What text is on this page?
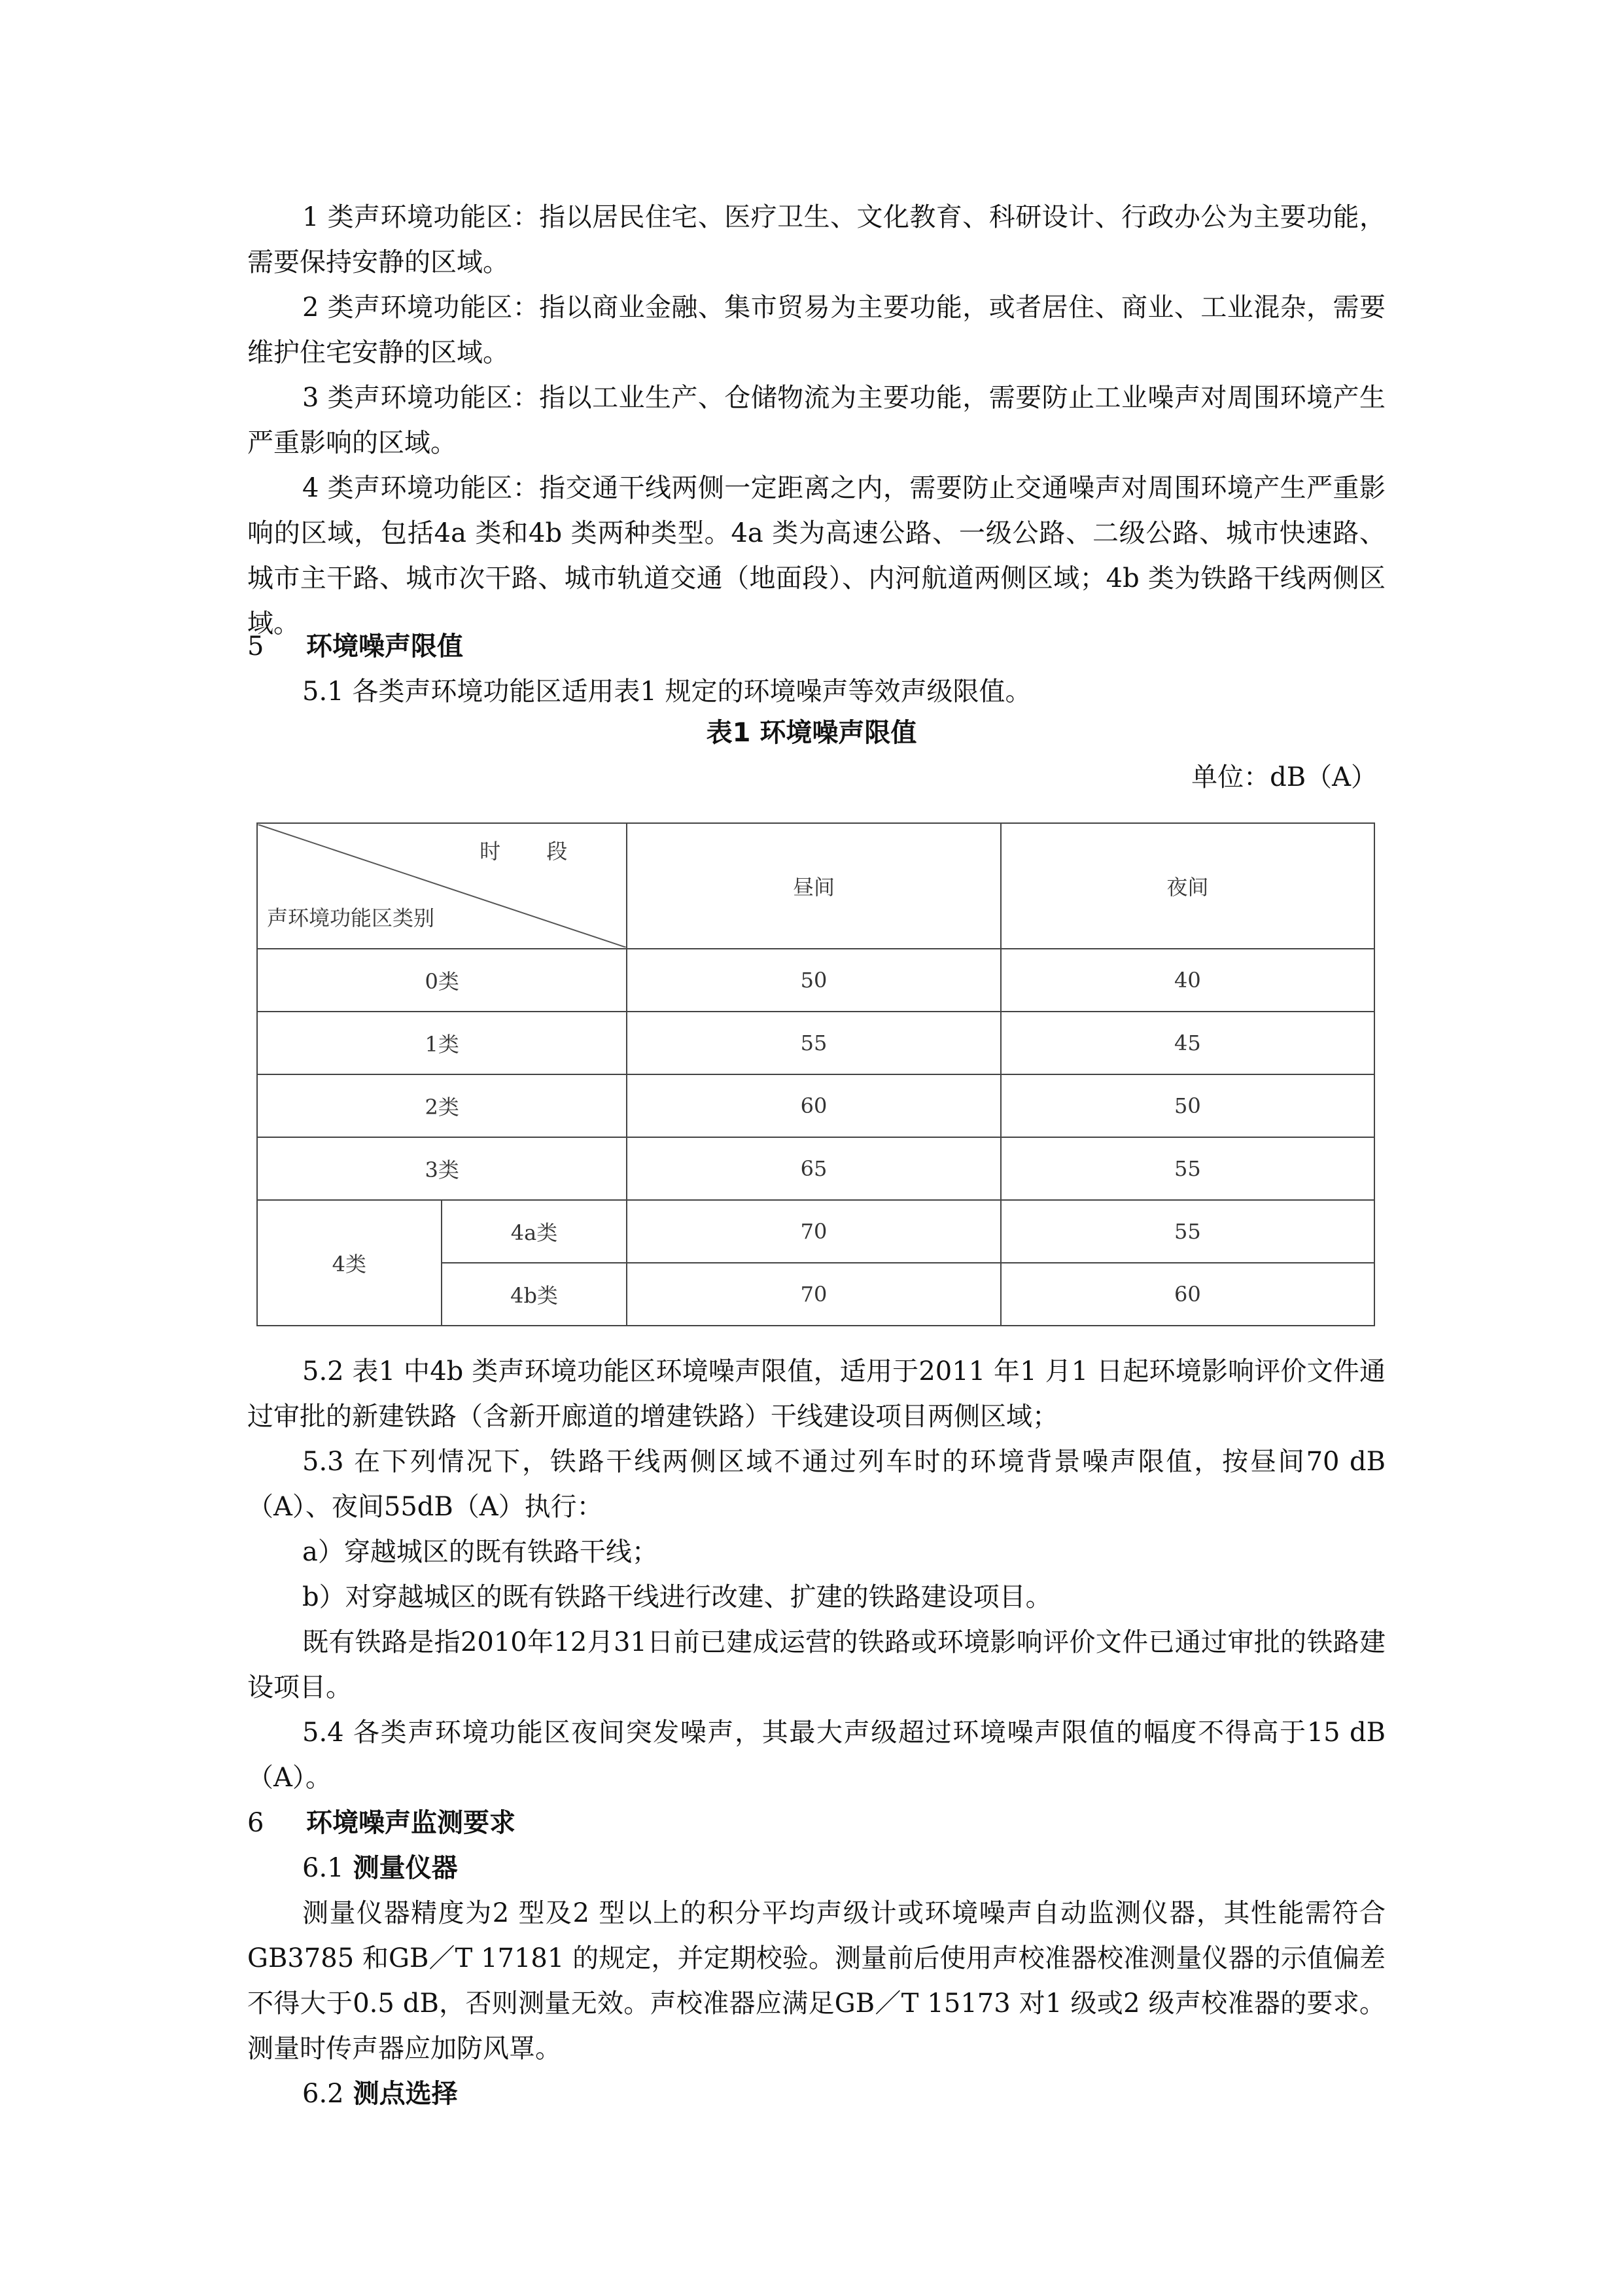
1 类声环境功能区：指以居民住宅、医疗卫生、文化教育、科研设计、行政办公为主要功能，需要保持安静的区域。

2 类声环境功能区：指以商业金融、集市贸易为主要功能，或者居住、商业、工业混杂，需要维护住宅安静的区域。

3 类声环境功能区：指以工业生产、仓储物流为主要功能，需要防止工业噪声对周围环境产生严重影响的区域。

4 类声环境功能区：指交通干线两侧一定距离之内，需要防止交通噪声对周围环境产生严重影响的区域，包括4a 类和4b 类两种类型。4a 类为高速公路、一级公路、二级公路、城市快速路、城市主干路、城市次干路、城市轨道交通（地面段）、内河航道两侧区域；4b 类为铁路干线两侧区域。

5 环境噪声限值

5.1 各类声环境功能区适用表1 规定的环境噪声等效声级限值。

表1 环境噪声限值

单位：dB（A）

时 段
声环境功能区类别		昼间	夜间
0类		50	40
1类		55	45
2类		60	50
3类		65	55
4类	4a类	70	55
	4b类	70	60

5.2 表1 中4b 类声环境功能区环境噪声限值，适用于2011 年1 月1 日起环境影响评价文件通过审批的新建铁路（含新开廊道的增建铁路）干线建设项目两侧区域；

5.3 在下列情况下，铁路干线两侧区域不通过列车时的环境背景噪声限值，按昼间70 dB（A）、夜间55dB（A）执行：

a）穿越城区的既有铁路干线；

b）对穿越城区的既有铁路干线进行改建、扩建的铁路建设项目。

既有铁路是指2010年12月31日前已建成运营的铁路或环境影响评价文件已通过审批的铁路建设项目。

5.4 各类声环境功能区夜间突发噪声，其最大声级超过环境噪声限值的幅度不得高于15 dB（A）。

6 环境噪声监测要求

6.1 测量仪器

测量仪器精度为2 型及2 型以上的积分平均声级计或环境噪声自动监测仪器，其性能需符合GB3785 和GB／T 17181 的规定，并定期校验。测量前后使用声校准器校准测量仪器的示值偏差不得大于0.5 dB，否则测量无效。声校准器应满足GB／T 15173 对1 级或2 级声校准器的要求。测量时传声器应加防风罩。

6.2 测点选择
